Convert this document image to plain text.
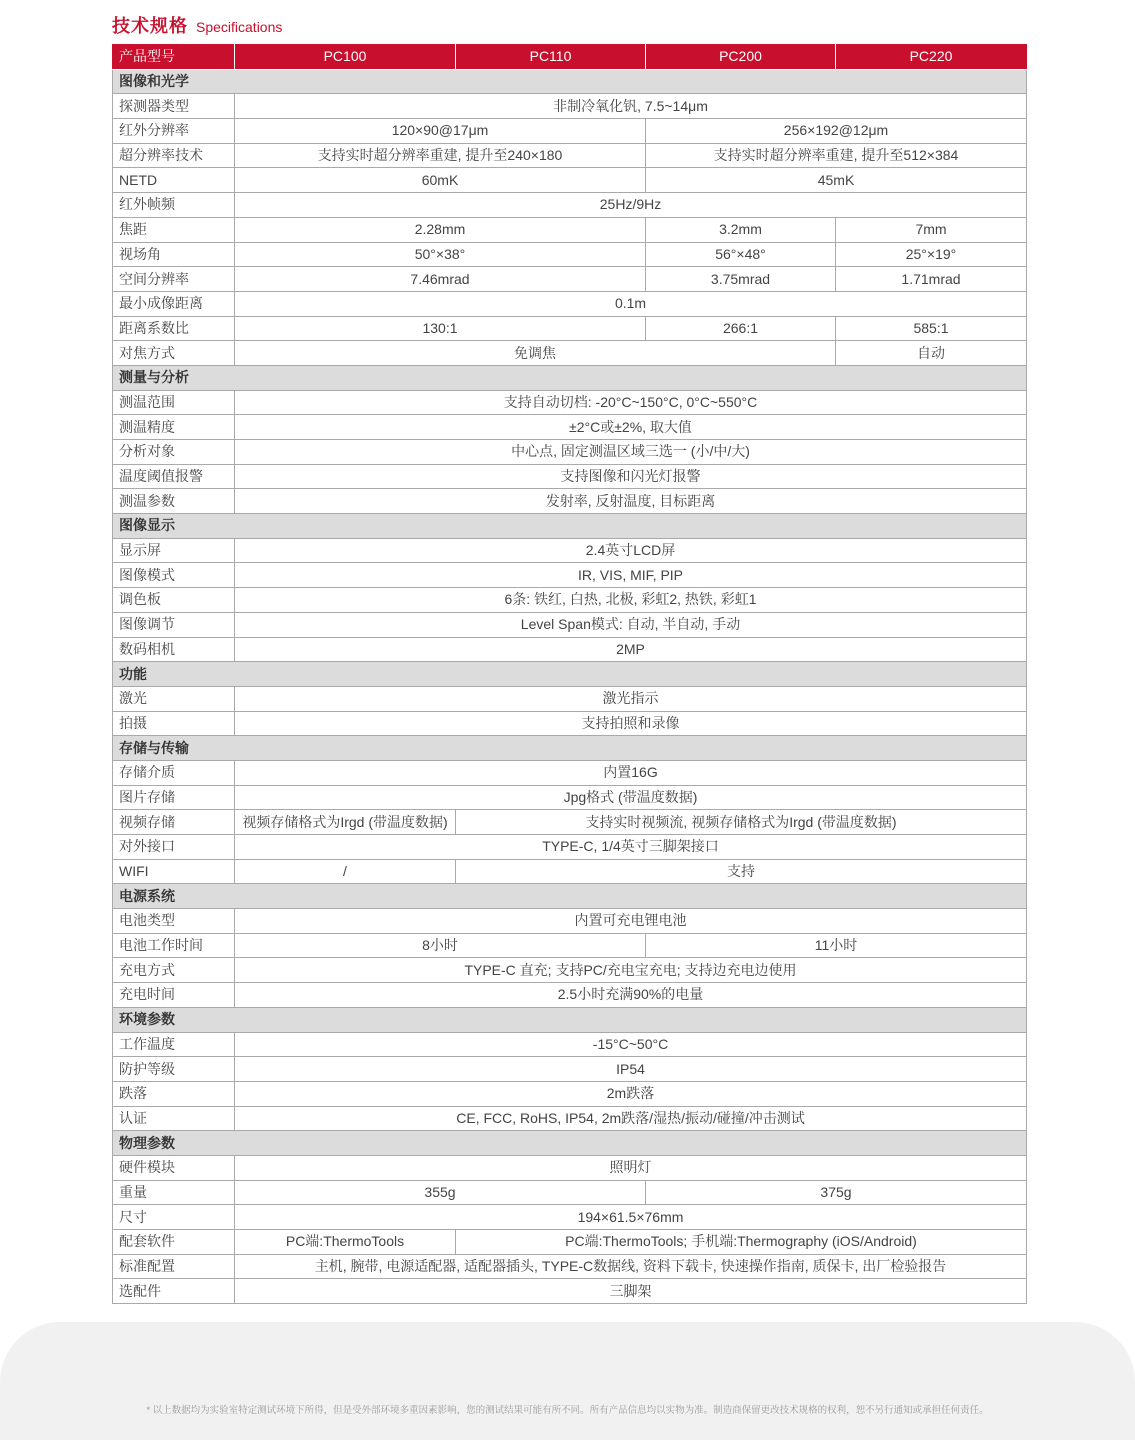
技术规格 Specifications
产品型号	PC100	PC110	PC200	PC220
图像和光学				
探测器类型	非制冷氧化钒, 7.5~14μm			
红外分辨率	120×90@17μm		256×192@12μm	
超分辨率技术	支持实时超分辨率重建, 提升至240×180		支持实时超分辨率重建, 提升至512×384	
NETD	60mK		45mK	
红外帧频	25Hz/9Hz			
焦距	2.28mm		3.2mm	7mm
视场角	50°×38°		56°×48°	25°×19°
空间分辨率	7.46mrad		3.75mrad	1.71mrad
最小成像距离	0.1m			
距离系数比	130:1		266:1	585:1
对焦方式	免调焦			自动
测量与分析				
测温范围	支持自动切档: -20°C~150°C, 0°C~550°C			
测温精度	±2°C或±2%, 取大值			
分析对象	中心点, 固定测温区域三选一 (小/中/大)			
温度阈值报警	支持图像和闪光灯报警			
测温参数	发射率, 反射温度, 目标距离			
图像显示				
显示屏	2.4英寸LCD屏			
图像模式	IR, VIS, MIF, PIP			
调色板	6条: 铁红, 白热, 北极, 彩虹2, 热铁, 彩虹1			
图像调节	Level Span模式: 自动, 半自动, 手动			
数码相机	2MP			
功能				
激光	激光指示			
拍摄	支持拍照和录像			
存储与传输				
存储介质	内置16G			
图片存储	Jpg格式 (带温度数据)			
视频存储	视频存储格式为Irgd (带温度数据)	支持实时视频流, 视频存储格式为Irgd (带温度数据)		
对外接口	TYPE-C, 1/4英寸三脚架接口			
WIFI	/	支持		
电源系统				
电池类型	内置可充电锂电池			
电池工作时间	8小时		11小时	
充电方式	TYPE-C 直充; 支持PC/充电宝充电; 支持边充电边使用			
充电时间	2.5小时充满90%的电量			
环境参数				
工作温度	-15°C~50°C			
防护等级	IP54			
跌落	2m跌落			
认证	CE, FCC, RoHS, IP54, 2m跌落/湿热/振动/碰撞/冲击测试			
物理参数				
硬件模块	照明灯			
重量	355g		375g	
尺寸	194×61.5×76mm			
配套软件	PC端:ThermoTools	PC端:ThermoTools; 手机端:Thermography (iOS/Android)		
标准配置	主机, 腕带, 电源适配器, 适配器插头, TYPE-C数据线, 资料下载卡, 快速操作指南, 质保卡, 出厂检验报告			
选配件	三脚架			
* 以上数据均为实验室特定测试环境下所得，但是受外部环境多重因素影响，您的测试结果可能有所不同。所有产品信息均以实物为准。制造商保留更改技术规格的权利，恕不另行通知或承担任何责任。
